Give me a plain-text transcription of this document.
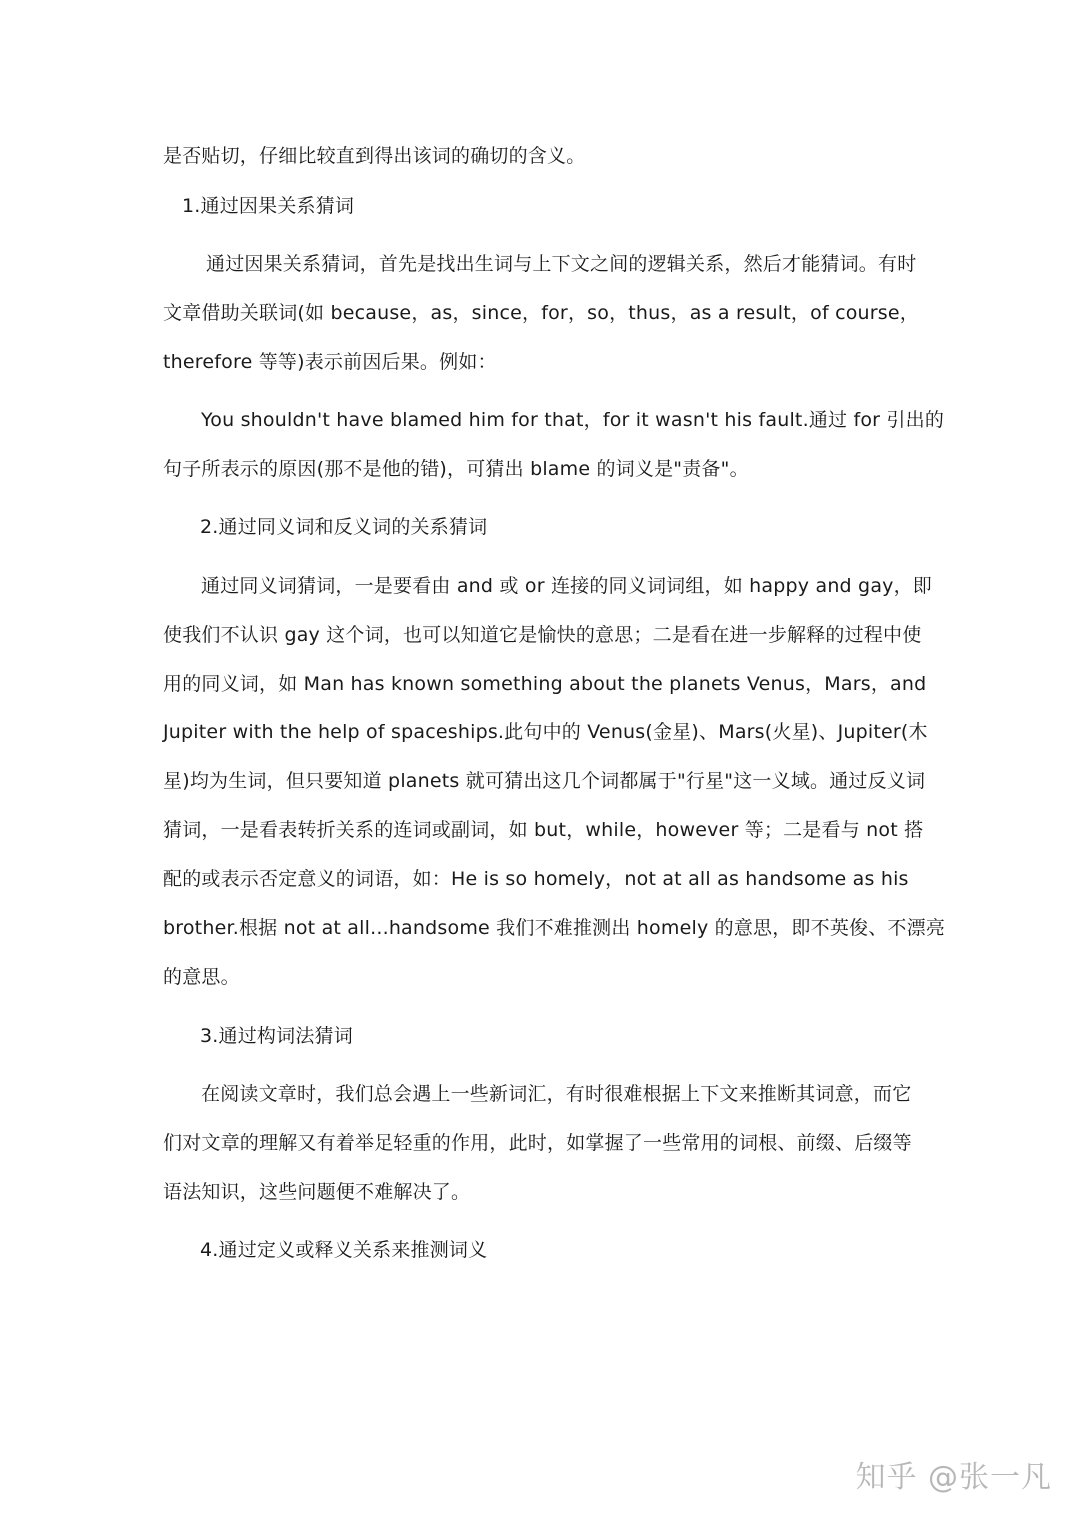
是否贴切，仔细比较直到得出该词的确切的含义。
1.通过因果关系猜词
通过因果关系猜词，首先是找出生词与上下文之间的逻辑关系，然后才能猜词。有时
文章借助关联词(如 because，as，since，for，so，thus，as a result，of course，
therefore 等等)表示前因后果。例如：
You shouldn't have blamed him for that，for it wasn't his fault.通过 for 引出的
句子所表示的原因(那不是他的错)，可猜出 blame 的词义是"责备"。
2.通过同义词和反义词的关系猜词
通过同义词猜词，一是要看由 and 或 or 连接的同义词词组，如 happy and gay，即
使我们不认识 gay 这个词，也可以知道它是愉快的意思；二是看在进一步解释的过程中使
用的同义词，如 Man has known something about the planets Venus，Mars，and
Jupiter with the help of spaceships.此句中的 Venus(金星)、Mars(火星)、Jupiter(木
星)均为生词，但只要知道 planets 就可猜出这几个词都属于"行星"这一义域。通过反义词
猜词，一是看表转折关系的连词或副词，如 but，while，however 等；二是看与 not 搭
配的或表示否定意义的词语，如：He is so homely，not at all as handsome as his
brother.根据 not at all...handsome 我们不难推测出 homely 的意思，即不英俊、不漂亮
的意思。
3.通过构词法猜词
在阅读文章时，我们总会遇上一些新词汇，有时很难根据上下文来推断其词意，而它
们对文章的理解又有着举足轻重的作用，此时，如掌握了一些常用的词根、前缀、后缀等
语法知识，这些问题便不难解决了。
4.通过定义或释义关系来推测词义
知乎 @张一凡
